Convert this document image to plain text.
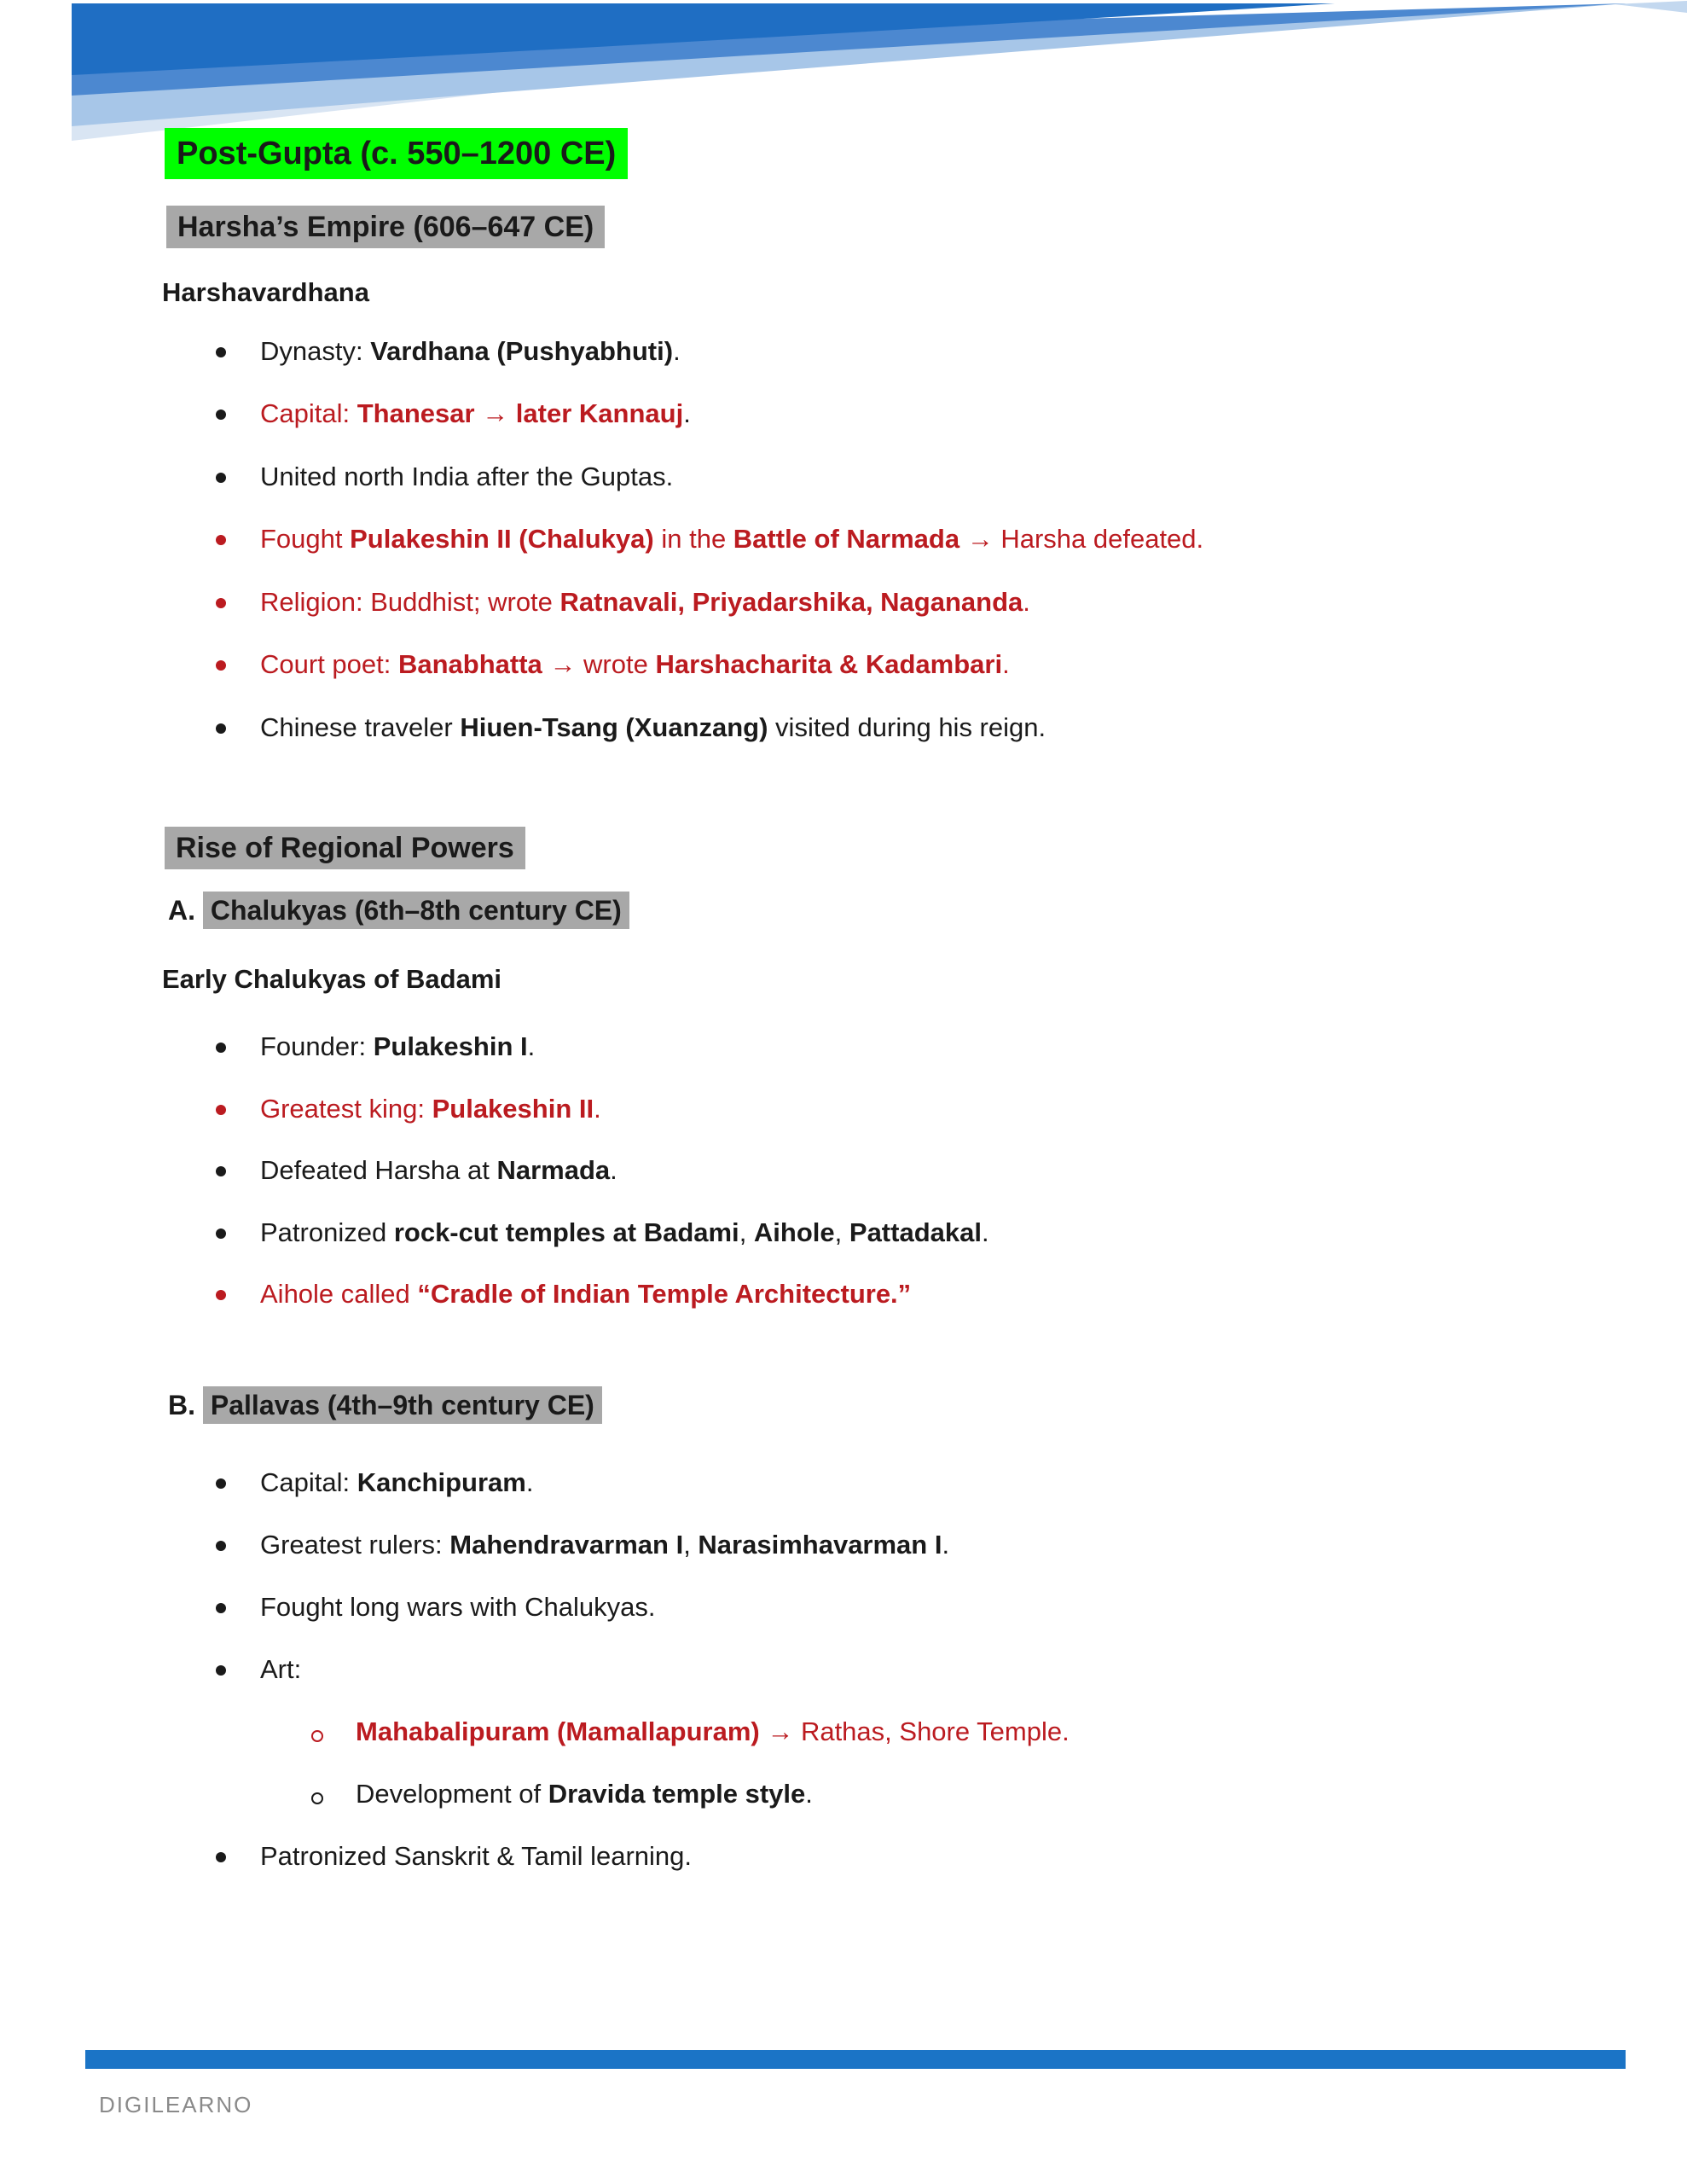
Post-Gupta (c. 550–1200 CE)
Harsha’s Empire (606–647 CE)
Harshavardhana
Dynasty: Vardhana (Pushyabhuti).
Capital: Thanesar → later Kannauj.
United north India after the Guptas.
Fought Pulakeshin II (Chalukya) in the Battle of Narmada → Harsha defeated.
Religion: Buddhist; wrote Ratnavali, Priyadarshika, Nagananda.
Court poet: Banabhatta → wrote Harshacharita & Kadambari.
Chinese traveler Hiuen-Tsang (Xuanzang) visited during his reign.
Rise of Regional Powers
A. Chalukyas (6th–8th century CE)
Early Chalukyas of Badami
Founder: Pulakeshin I.
Greatest king: Pulakeshin II.
Defeated Harsha at Narmada.
Patronized rock-cut temples at Badami, Aihole, Pattadakal.
Aihole called “Cradle of Indian Temple Architecture.”
B. Pallavas (4th–9th century CE)
Capital: Kanchipuram.
Greatest rulers: Mahendravarman I, Narasimhavarman I.
Fought long wars with Chalukyas.
Art:
Mahabalipuram (Mamallapuram) → Rathas, Shore Temple.
Development of Dravida temple style.
Patronized Sanskrit & Tamil learning.
DIGILEARNO
